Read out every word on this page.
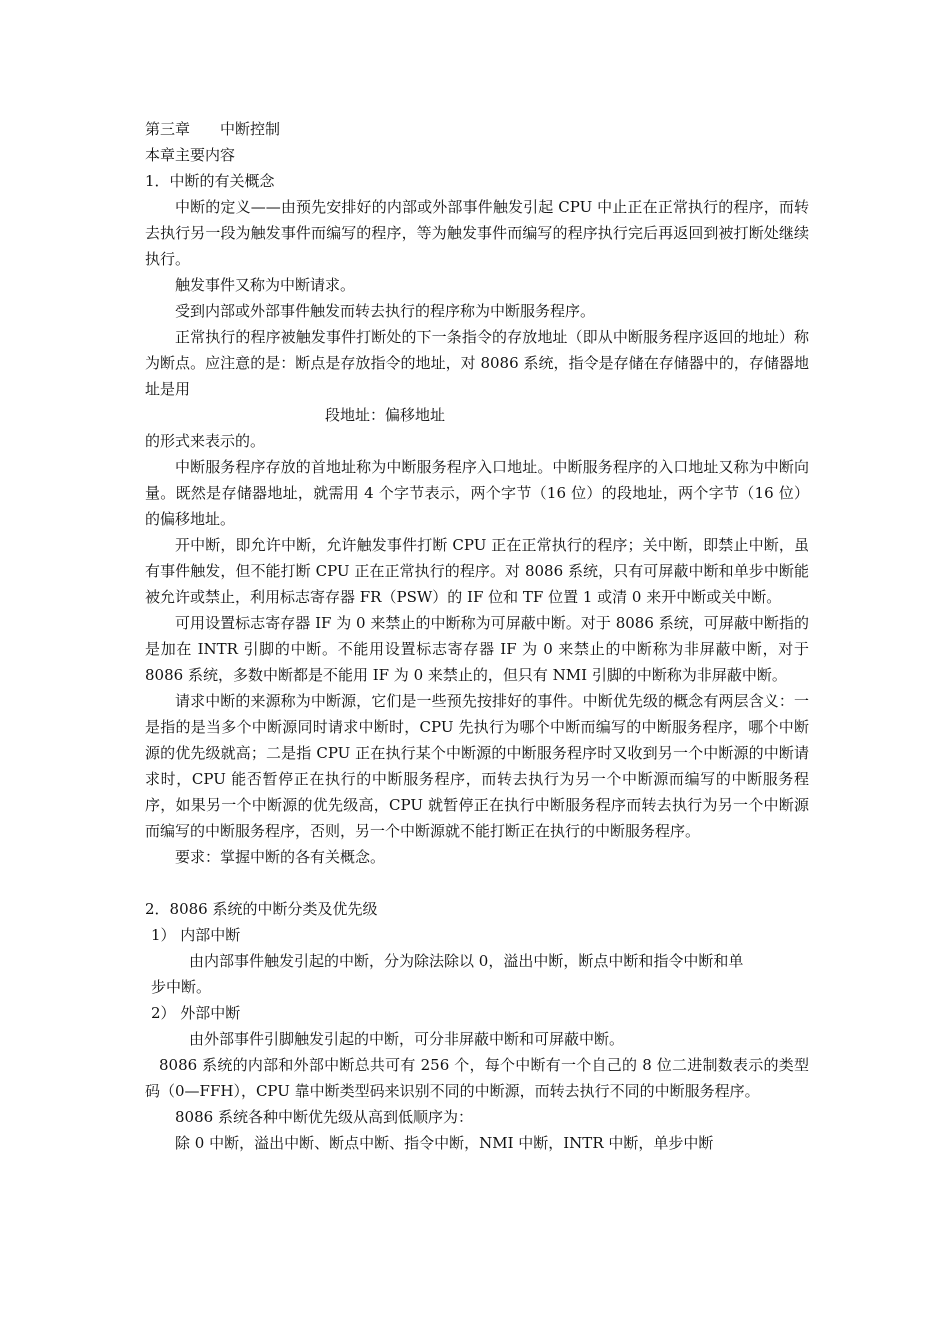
第三章　　中断控制

本章主要内容

1．中断的有关概念

中断的定义——由预先安排好的内部或外部事件触发引起 CPU 中止正在正常执行的程序，而转去执行另一段为触发事件而编写的程序，等为触发事件而编写的程序执行完后再返回到被打断处继续执行。

触发事件又称为中断请求。

受到内部或外部事件触发而转去执行的程序称为中断服务程序。

正常执行的程序被触发事件打断处的下一条指令的存放地址（即从中断服务程序返回的地址）称为断点。应注意的是：断点是存放指令的地址，对 8086 系统，指令是存储在存储器中的，存储器地址是用

段地址：偏移地址

的形式来表示的。

中断服务程序存放的首地址称为中断服务程序入口地址。中断服务程序的入口地址又称为中断向量。既然是存储器地址，就需用 4 个字节表示，两个字节（16 位）的段地址，两个字节（16 位）的偏移地址。

开中断，即允许中断，允许触发事件打断 CPU 正在正常执行的程序；关中断，即禁止中断，虽有事件触发，但不能打断 CPU 正在正常执行的程序。对 8086 系统，只有可屏蔽中断和单步中断能被允许或禁止，利用标志寄存器 FR（PSW）的 IF 位和 TF 位置 1 或清 0 来开中断或关中断。

可用设置标志寄存器 IF 为 0 来禁止的中断称为可屏蔽中断。对于 8086 系统，可屏蔽中断指的是加在 INTR 引脚的中断。不能用设置标志寄存器 IF 为 0 来禁止的中断称为非屏蔽中断，对于 8086 系统，多数中断都是不能用 IF 为 0 来禁止的，但只有 NMI 引脚的中断称为非屏蔽中断。

请求中断的来源称为中断源，它们是一些预先按排好的事件。中断优先级的概念有两层含义：一是指的是当多个中断源同时请求中断时，CPU 先执行为哪个中断而编写的中断服务程序，哪个中断源的优先级就高；二是指 CPU 正在执行某个中断源的中断服务程序时又收到另一个中断源的中断请求时，CPU 能否暂停正在执行的中断服务程序，而转去执行为另一个中断源而编写的中断服务程序，如果另一个中断源的优先级高，CPU 就暂停正在执行中断服务程序而转去执行为另一个中断源而编写的中断服务程序，否则，另一个中断源就不能打断正在执行的中断服务程序。

要求：掌握中断的各有关概念。

2．8086 系统的中断分类及优先级

1） 内部中断

由内部事件触发引起的中断，分为除法除以 0，溢出中断，断点中断和指令中断和单

步中断。

2） 外部中断

由外部事件引脚触发引起的中断，可分非屏蔽中断和可屏蔽中断。

8086 系统的内部和外部中断总共可有 256 个，每个中断有一个自己的 8 位二进制数表示的类型码（0—FFH），CPU 靠中断类型码来识别不同的中断源，而转去执行不同的中断服务程序。

8086 系统各种中断优先级从高到低顺序为：

除 0 中断，溢出中断、断点中断、指令中断，NMI 中断，INTR 中断，单步中断
